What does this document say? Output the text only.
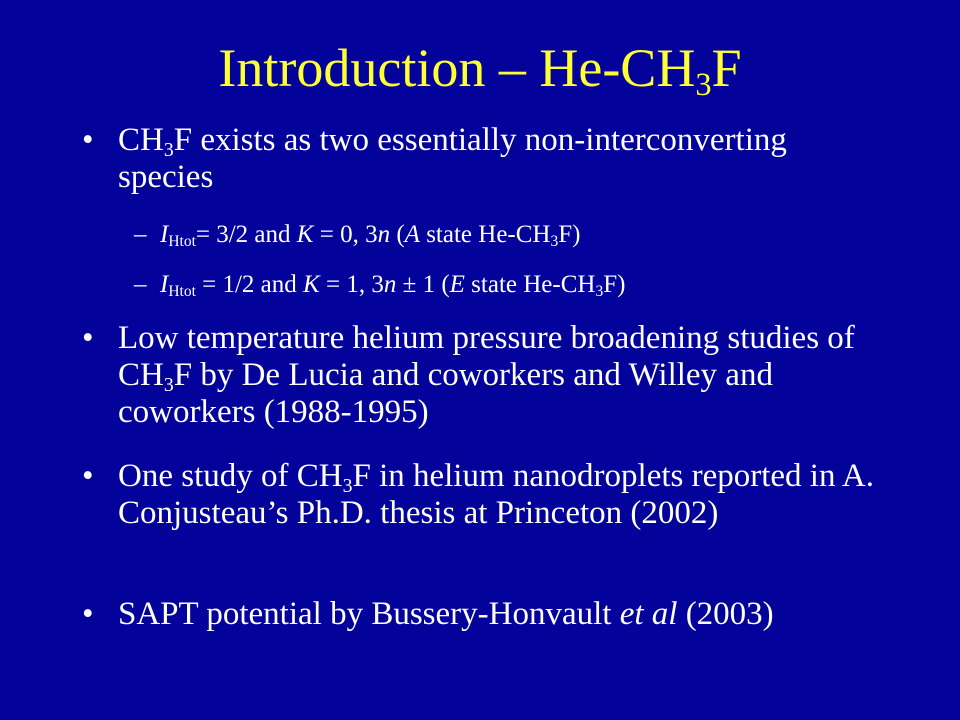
Introduction – $He-CH_3F$
• $CH_3F$ exists as two essentially non-interconverting species
– $I_{Htot}= 3/2$ and K = 0, 3n (A state $He-CH_3F$)
– $I_{Htot} = 1/2$ and K = 1, 3n ± 1 (E state $He-CH_3F$)
• Low temperature helium pressure broadening studies of $CH_3F$ by De Lucia and coworkers and Willey and coworkers (1988-1995)
• One study of $CH_3F$ in helium nanodroplets reported in A. Conjusteau’s Ph.D. thesis at Princeton (2002)
• SAPT potential by Bussery-Honvault et al (2003)
